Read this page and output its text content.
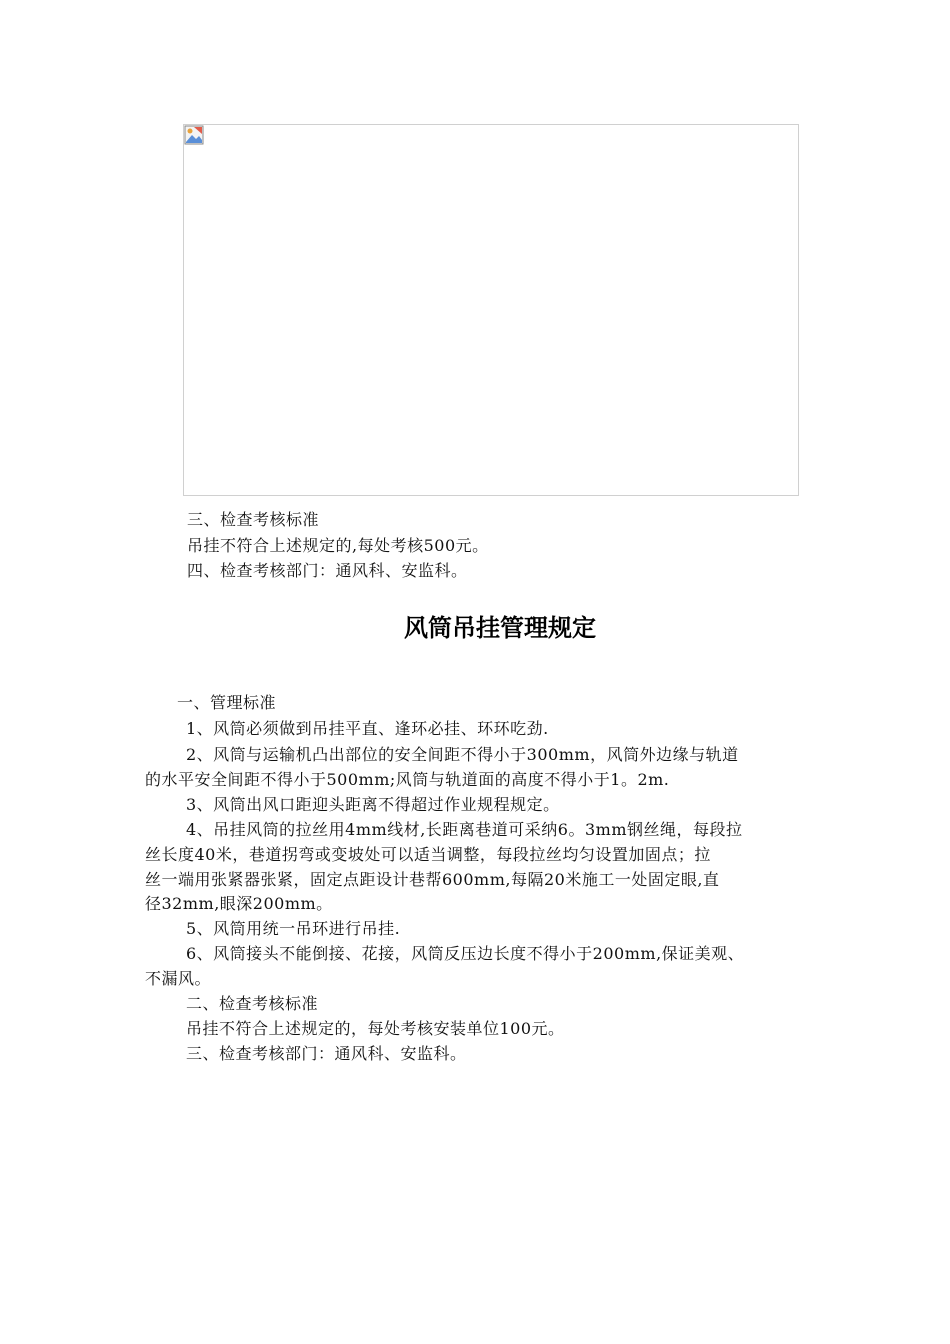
三、检查考核标准
吊挂不符合上述规定的,每处考核500元。
四、检查考核部门：通风科、安监科。
风筒吊挂管理规定
一、管理标准
1、风筒必须做到吊挂平直、逢环必挂、环环吃劲.
2、风筒与运输机凸出部位的安全间距不得小于300mm，风筒外边缘与轨道
的水平安全间距不得小于500mm;风筒与轨道面的高度不得小于1。2m.
3、风筒出风口距迎头距离不得超过作业规程规定。
4、吊挂风筒的拉丝用4mm线材,长距离巷道可采纳6。3mm钢丝绳，每段拉
丝长度40米，巷道拐弯或变坡处可以适当调整，每段拉丝均匀设置加固点；拉
丝一端用张紧器张紧，固定点距设计巷帮600mm,每隔20米施工一处固定眼,直
径32mm,眼深200mm。
5、风筒用统一吊环进行吊挂.
6、风筒接头不能倒接、花接，风筒反压边长度不得小于200mm,保证美观、
不漏风。
二、检查考核标准
吊挂不符合上述规定的，每处考核安装单位100元。
三、检查考核部门：通风科、安监科。
